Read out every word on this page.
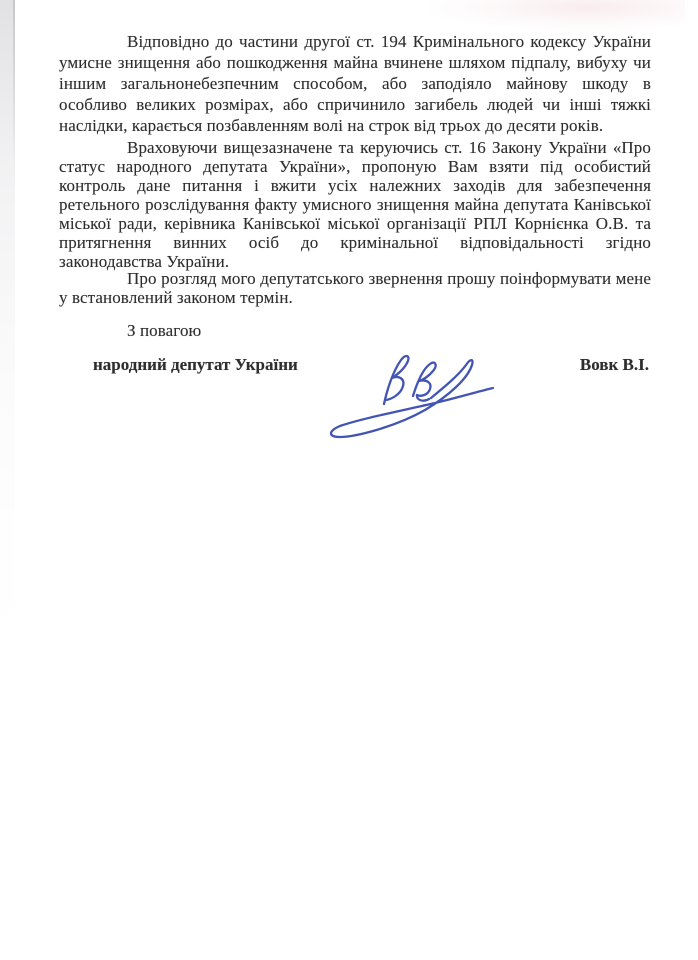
Відповідно до частини другої ст. 194 Кримінального кодексу України умисне знищення або пошкодження майна вчинене шляхом підпалу, вибуху чи іншим загальнонебезпечним способом, або заподіяло майнову шкоду в особливо великих розмірах, або спричинило загибель людей чи інші тяжкі наслідки, карається позбавленням волі на строк від трьох до десяти років.

Враховуючи вищезазначене та керуючись ст. 16 Закону України «Про статус народного депутата України», пропоную Вам взяти під особистий контроль дане питання і вжити усіх належних заходів для забезпечення ретельного розслідування факту умисного знищення майна депутата Канівської міської ради, керівника Канівської міської організації РПЛ Корнієнка О.В. та притягнення винних осіб до кримінальної відповідальності згідно законодавства України.

Про розгляд мого депутатського звернення прошу поінформувати мене у встановлений законом термін.

З повагою

народний депутат України	Вовк В.І.
